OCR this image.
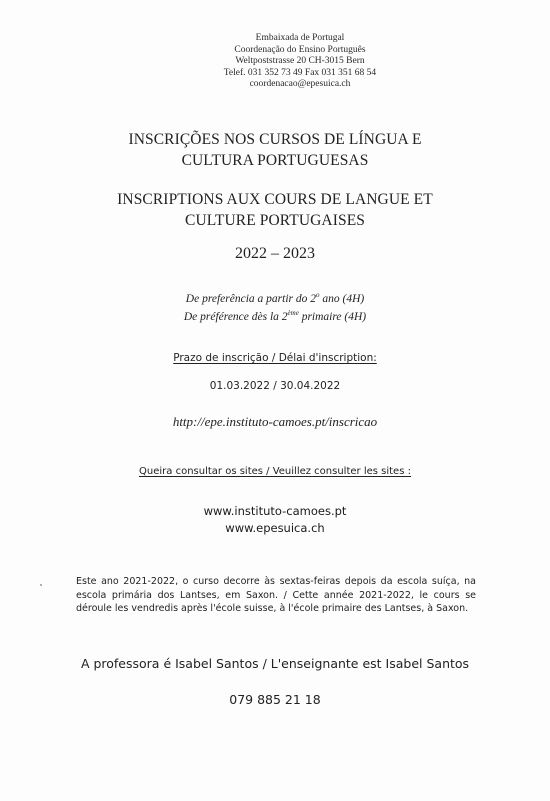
Embaixada de Portugal
Coordenação do Ensino Português
Weltpoststrasse 20 CH-3015 Bern
Telef. 031 352 73 49 Fax 031 351 68 54
coordenacao@epesuica.ch
INSCRIÇÕES NOS CURSOS DE LÍNGUA E
CULTURA PORTUGUESAS
INSCRIPTIONS AUX COURS DE LANGUE ET
CULTURE PORTUGAISES
2022 – 2023
De preferência a partir do 2$^o$ ano (4H)
De préférence dès la 2ème primaire (4H)
Prazo de inscrição / Délai d'inscription:
01.03.2022 / 30.04.2022
http://epe.instituto-camoes.pt/inscricao
Queira consultar os sites / Veuillez consulter les sites :
www.instituto-camoes.pt
www.epesuica.ch
Este ano 2021-2022, o curso decorre às sextas-feiras depois da escola suíça, na escola primária dos Lantses, em Saxon. / Cette année 2021-2022, le cours se déroule les vendredis après l'école suisse, à l'école primaire des Lantses, à Saxon.
A professora é Isabel Santos / L'enseignante est Isabel Santos
079 885 21 18
